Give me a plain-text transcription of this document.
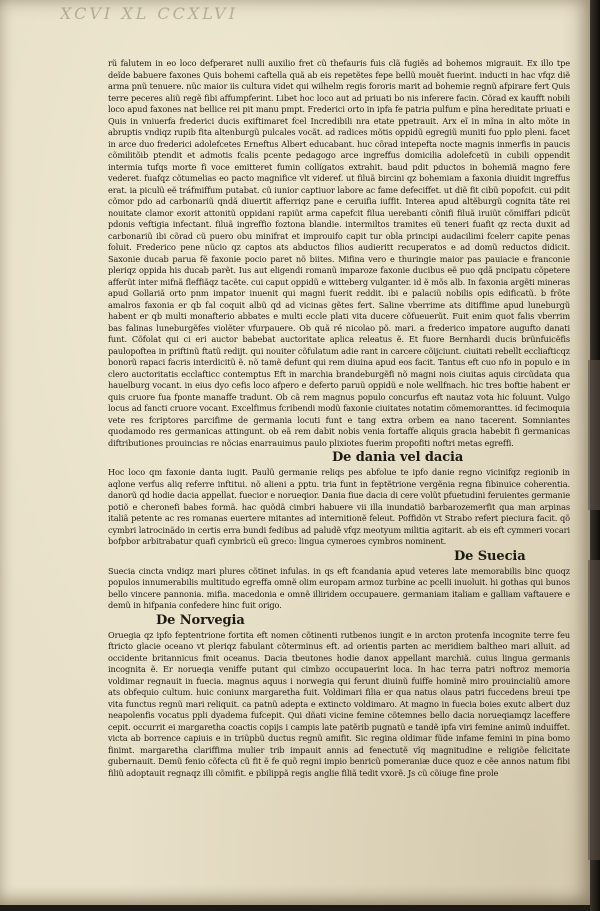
XCVI XL CCXLVI

rũ falutem in eo loco defperaret nulli auxilio fret cũ thefauris fuis clã fugiẽs ad bohemos migrauit. Ex illo tpe deĩde babuere faxones Quis bohemi caftella quã ab eis repetẽtes fepe bellũ mouẽt fuerint. inducti in hac vfqz diẽ arma pnũ tenuere. nũc maior iis cultura videt qui wilhelm regis fororis marit ad bohemie regnũ afpirare fert Quis terre peceres aliũ regẽ fibi affumpferint. Libet hoc loco aut ad priuati bo nis inferere facin. Cõrad ex kaufft nobili loco apud faxones nat bellice rei pit manu pmpt. Frederici orto in ipfa fe patria pulfum e pĩna hereditate priuati e Quis in vniuerfa frederici ducis exiftimaret fcel Incredibili nra etate ppetrauit. Arx eĩ in mĩna in alto mõte in abruptis vndiqz rupib fita altenburgũ pulcales vocãt. ad radices mõtis oppidũ egregiũ muniti fuo pplo pleni. facet in arce duo frederici adolefcetes Erneftus Albert educabant. huc cõrad intepefta nocte magnis inmerfis in paucis cõmilitõib ptendit et admotis fcalis pcente pedagogo arce ingreffus domicilia adolefcetũ in cubili oppendit intermia tufqs morte fi voce emitteret fumin collígatos extrahit. baud pdit pductos in bohemiã magno fere vederet. fuafqz cõtumelias eo pacto magnifice vlt videref. ut filuã bircini qz bohemiam a faxonia diuidit ingreffus erat. ia piculũ eẽ tráfmiffum putabat. cũ iunior captiuor labore ac fame defeciffet. ut diẽ fit cibũ popofcit. cui pdit cõmor pdo ad carbonariũ qndã diuertit afferriqz pane e ceruifia iuffit. Interea apud altẽburgũ cognita tãte rei nouitate clamor exorit attonitũ oppidani rapiũt arma capefcit filua uerebanti cõnifi filuã iruiũt cõmiffari pdicũt pdonis veftigia infectant. filuã ingreffio foztona blandie. intermiltos tramites eũ teneri fuafit qz recta duxit ad carbonariũ ibi cõrad cũ puero obu minifrat et improuifo capit tur obla principi audacilimi fcelerr capite penas foluit. Frederico pene nũcio qz captos ats abductos filios audieritt recuperatos e ad domũ reductos didicit. Saxonie ducab parua fẽ faxonie pocio paret nõ biites. Mifina vero e thuringie maior pas pauiacie e franconie pleriqz oppida his ducab parẽt. Ius aut eligendi romanũ imparoze faxonie ducibus eẽ puo qdã pncipatu cõpetere afferũt inter mifnã fleffiãqz tacẽte. cui caput oppidũ e witteberg vulganter. id ẽ mõs alb. In faxonia argẽti mineras apud Gollariã orto pnm impator inuenit qui magni fuerit reddit. ibi e palaciũ nobilis opis edificatũ. b frõte amalros faxonia er qb fal coquit albũ qd ad vicinas gẽtes fert. Saline vberrime ats ditiffime apud luneburgũ habent er qb multi monafterio abbates e multi eccle plati vita ducere cõfueuerũt. Fuit enim quot falis vberrim bas falinas luneburgẽfes violẽter vfurpauere. Ob quã ré nicolao põ. mari. a frederico impatore augufto danati funt. Cõfolat qui ci eri auctor babebat auctoritate aplica releatus ẽ. Et fuore Bernhardi ducis brũnfuicẽfis paulopoftea in priftinũ ftatũ redijt. qui nouiter cõfulatum adie rant in carcere cõijciunt. ciuitati rebellt eccliafticqz bonorũ rapaci facris interdicitũ ẽ. nõ tamẽ defunt qui rem diuina apud eos facit. Tantus eft cuo nfo in populo e in clero auctoritatis ecclafticc contemptus Eft in marchia brandeburgẽfi nõ magni nois ciuitas aquis circũdata qua hauelburg vocant. in eius dyo cefis loco afpero e deferto paruũ oppidũ e nole wellfnach. hic tres boftie habent er quis cruore fua fponte manaffe tradunt. Ob cã rem magnus populo concurfus eft nautaz vota hic foluunt. Vulgo locus ad fancti cruore vocant. Excelfimus fcribendi modũ faxonie ciuitates notatim cõmemoranttes. id fecimoquia vete res fcriptores parcifime de germania locuti funt e tang extra orbem ea nano tacerent. Somniantes quodamodo res germanicas attingunt. ob eã rem dabit nobis venia fortaffe aliquis gracia habebit fi germanicas diftributiones prouincias re nõcias enarrauimus paulo plixiotes fuerim propofiti noftri metas egreffi.

De dania vel dacia

Hoc loco qm faxonie danta iugit. Paulũ germanie reliqs pes abfolue te ipfo danie regno vicinifqz regionib in aqlone verfus aliq referre inftitui. nõ alieni a pptu. tria funt in feptẽtrione vergẽnia regna fibinuice coherentia. danorũ qd hodie dacia appellat. fuecior e norueqior. Dania fiue dacia di cere volũt pfuetudini feruientes germanie potiõ e cheronefi babes formã. hac quõdã cimbri habuere vii illa inundatiõ barbarozemerfit qua man arpinas italiã petente ac res romanas euertere mitantes ad internitionẽ feleut. Poffidõn vt Strabo refert pieciura facit. qõ cymbri latrocinãdo in certis erra bundi fedibus ad paludẽ vfqz meotyum militia agitarit. ab eis eft cymmeri vocari bofpbor arbitrabatur quafi cymbricũ eũ greco: lingua cymeroes cymbros nominent.

De Suecia

Suecia cincta vndiqz mari plures cõtinet infulas. in qs eft fcandania apud veteres late memorabilis binc quoqz populos innumerabilis multitudo egreffa omnẽ olim europam armoz turbine ac pcelli inuoluit. hi gothas qui bunos bello vincere pannonia. mifia. macedonia e omnẽ illiridem occupauere. germaniam italiam e galliam vaftauere e demũ in hifpania confedere hinc fuit origo.

De Norvegia

Oruegia qz ipfo feptentrione fortita eft nomen cõtinenti rutbenos iungit e in arcton protenfa incognite terre feu ftricto glacie oceano vt pleriqz fabulant cõterminus eft. ad orientis parten ac meridiem baltheo mari alluit. ad occidente britannicus fmit oceanus. Dacia tbeutones hodie danox appellant marchiã. cuius lingua germanis incognita ẽ. Er norueqia veniffe putant qui cimbzo occupauerint loca. In hac terra patri noftroz memoria voldimar regnauit in fuecia. magnus aquus i norwegia qui ferunt diuinũ fuiffe hominẽ miro prouincialiũ amore ats obfequio cultum. huic coniunx margaretha fuit. Voldimari filia er qua natus olaus patri fuccedens breui tpe vita functus regnũ mari reliquit. ca patnũ adepta e extincto voldimaro. At magno in fuecia boies exutc albert duz neapolenfis vocatus ppli dyadema fufcepit. Qui dñati vicine femine cõtemnes bello dacia norueqiamqz laceffere cepit. occurrit ei margaretha coactis copijs i campis late patẽrib pugnatũ e tandẽ ipfa viri femine animũ induiffet. victa ab borrence capiuis e in triũpbũ ductus regnũ amifit. Sic regina oldimar fũde infame femini in pina bomo finimt. margaretha clariffima mulier trib impauit annis ad fenectutẽ vĩq magnitudine e religiõe felicitate gubernauit. Demũ fenio cõfecta cũ fit ẽ fe quõ regni impio benricũ pomeraniæ duce quoz e cẽe annos natum fibi filiũ adoptauit regnaqz illi cõmifit. e pbilippã regis anglie filiã tedit vxorẽ. Js cũ cõiuge fine prole
